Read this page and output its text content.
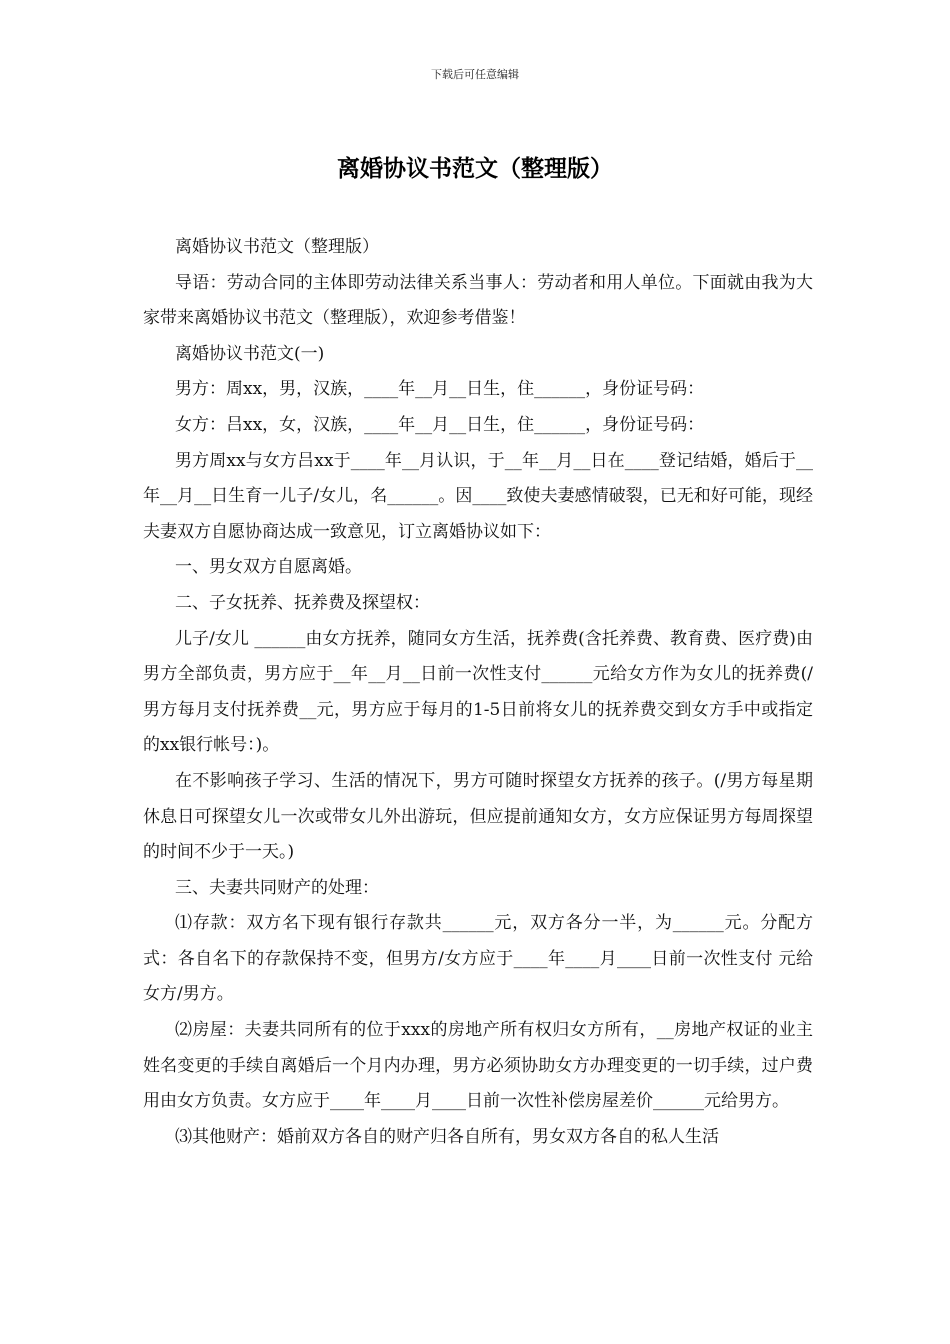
下载后可任意编辑
离婚协议书范文（整理版）

离婚协议书范文（整理版）

导语：劳动合同的主体即劳动法律关系当事人：劳动者和用人单位。下面就由我为大家带来离婚协议书范文（整理版），欢迎参考借鉴！

离婚协议书范文(一)

男方：周xx，男，汉族，____年__月__日生，住______，身份证号码：

女方：吕xx，女，汉族，____年__月__日生，住______，身份证号码：

男方周xx与女方吕xx于____年__月认识，于__年__月__日在____登记结婚，婚后于__年__月__日生育一儿子/女儿，名______。因____致使夫妻感情破裂，已无和好可能，现经夫妻双方自愿协商达成一致意见，订立离婚协议如下：

一、男女双方自愿离婚。

二、子女抚养、抚养费及探望权：

儿子/女儿 ______由女方抚养，随同女方生活，抚养费(含托养费、教育费、医疗费)由男方全部负责，男方应于__年__月__日前一次性支付______元给女方作为女儿的抚养费(/男方每月支付抚养费__元，男方应于每月的1-5日前将女儿的抚养费交到女方手中或指定的xx银行帐号：)。

在不影响孩子学习、生活的情况下，男方可随时探望女方抚养的孩子。(/男方每星期休息日可探望女儿一次或带女儿外出游玩，但应提前通知女方，女方应保证男方每周探望的时间不少于一天。)

三、夫妻共同财产的处理：

⑴存款：双方名下现有银行存款共______元，双方各分一半，为______元。分配方式：各自名下的存款保持不变，但男方/女方应于____年____月____日前一次性支付 元给女方/男方。

⑵房屋：夫妻共同所有的位于xxx的房地产所有权归女方所有，__房地产权证的业主姓名变更的手续自离婚后一个月内办理，男方必须协助女方办理变更的一切手续，过户费用由女方负责。女方应于____年____月____日前一次性补偿房屋差价______元给男方。

⑶其他财产：婚前双方各自的财产归各自所有，男女双方各自的私人生活
